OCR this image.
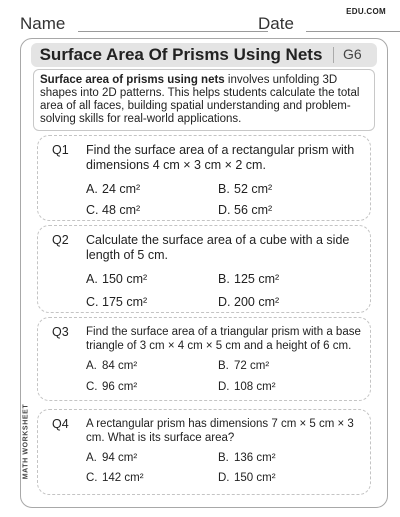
Name	Date
EDU.COM
Surface Area Of Prisms Using Nets	G6
Surface area of prisms using nets involves unfolding 3D shapes into 2D patterns. This helps students calculate the total area of all faces, building spatial understanding and problem-solving skills for real-world applications.
Q1 Find the surface area of a rectangular prism with dimensions 4 cm × 3 cm × 2 cm.
A. 24 cm²	B. 52 cm²
C. 48 cm²	D. 56 cm²
Q2 Calculate the surface area of a cube with a side length of 5 cm.
A. 150 cm²	B. 125 cm²
C. 175 cm²	D. 200 cm²
Q3 Find the surface area of a triangular prism with a base triangle of 3 cm × 4 cm × 5 cm and a height of 6 cm.
A. 84 cm²	B. 72 cm²
C. 96 cm²	D. 108 cm²
Q4 A rectangular prism has dimensions 7 cm × 5 cm × 3 cm. What is its surface area?
A. 94 cm²	B. 136 cm²
C. 142 cm²	D. 150 cm²
MATH WORKSHEET
